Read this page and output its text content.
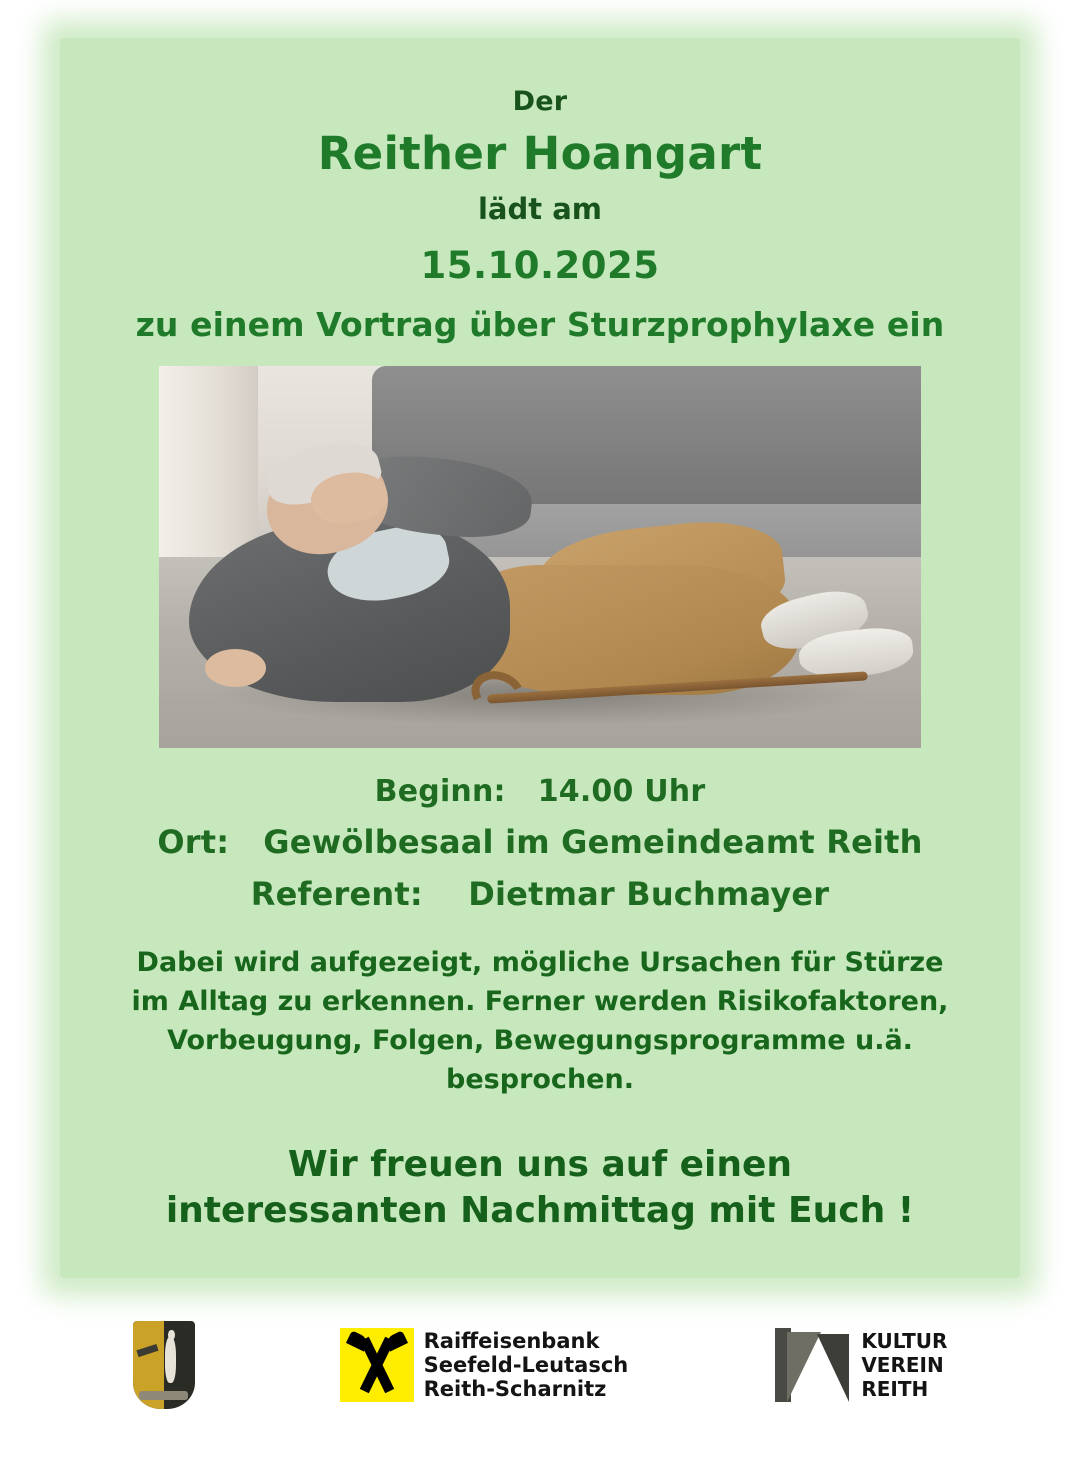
Der
Reither Hoangart
lädt am
15.10.2025
zu einem Vortrag über Sturzprophylaxe ein
Beginn: 14.00 Uhr
Ort: Gewölbesaal im Gemeindeamt Reith
Referent: Dietmar Buchmayer
Dabei wird aufgezeigt, mögliche Ursachen für Stürze im Alltag zu erkennen. Ferner werden Risikofaktoren, Vorbeugung, Folgen, Bewegungsprogramme u.ä. besprochen.
Wir freuen uns auf einen
interessanten Nachmittag mit Euch !
Raiffeisenbank
Seefeld-Leutasch
Reith-Scharnitz
KULTUR
VEREIN
REITH
